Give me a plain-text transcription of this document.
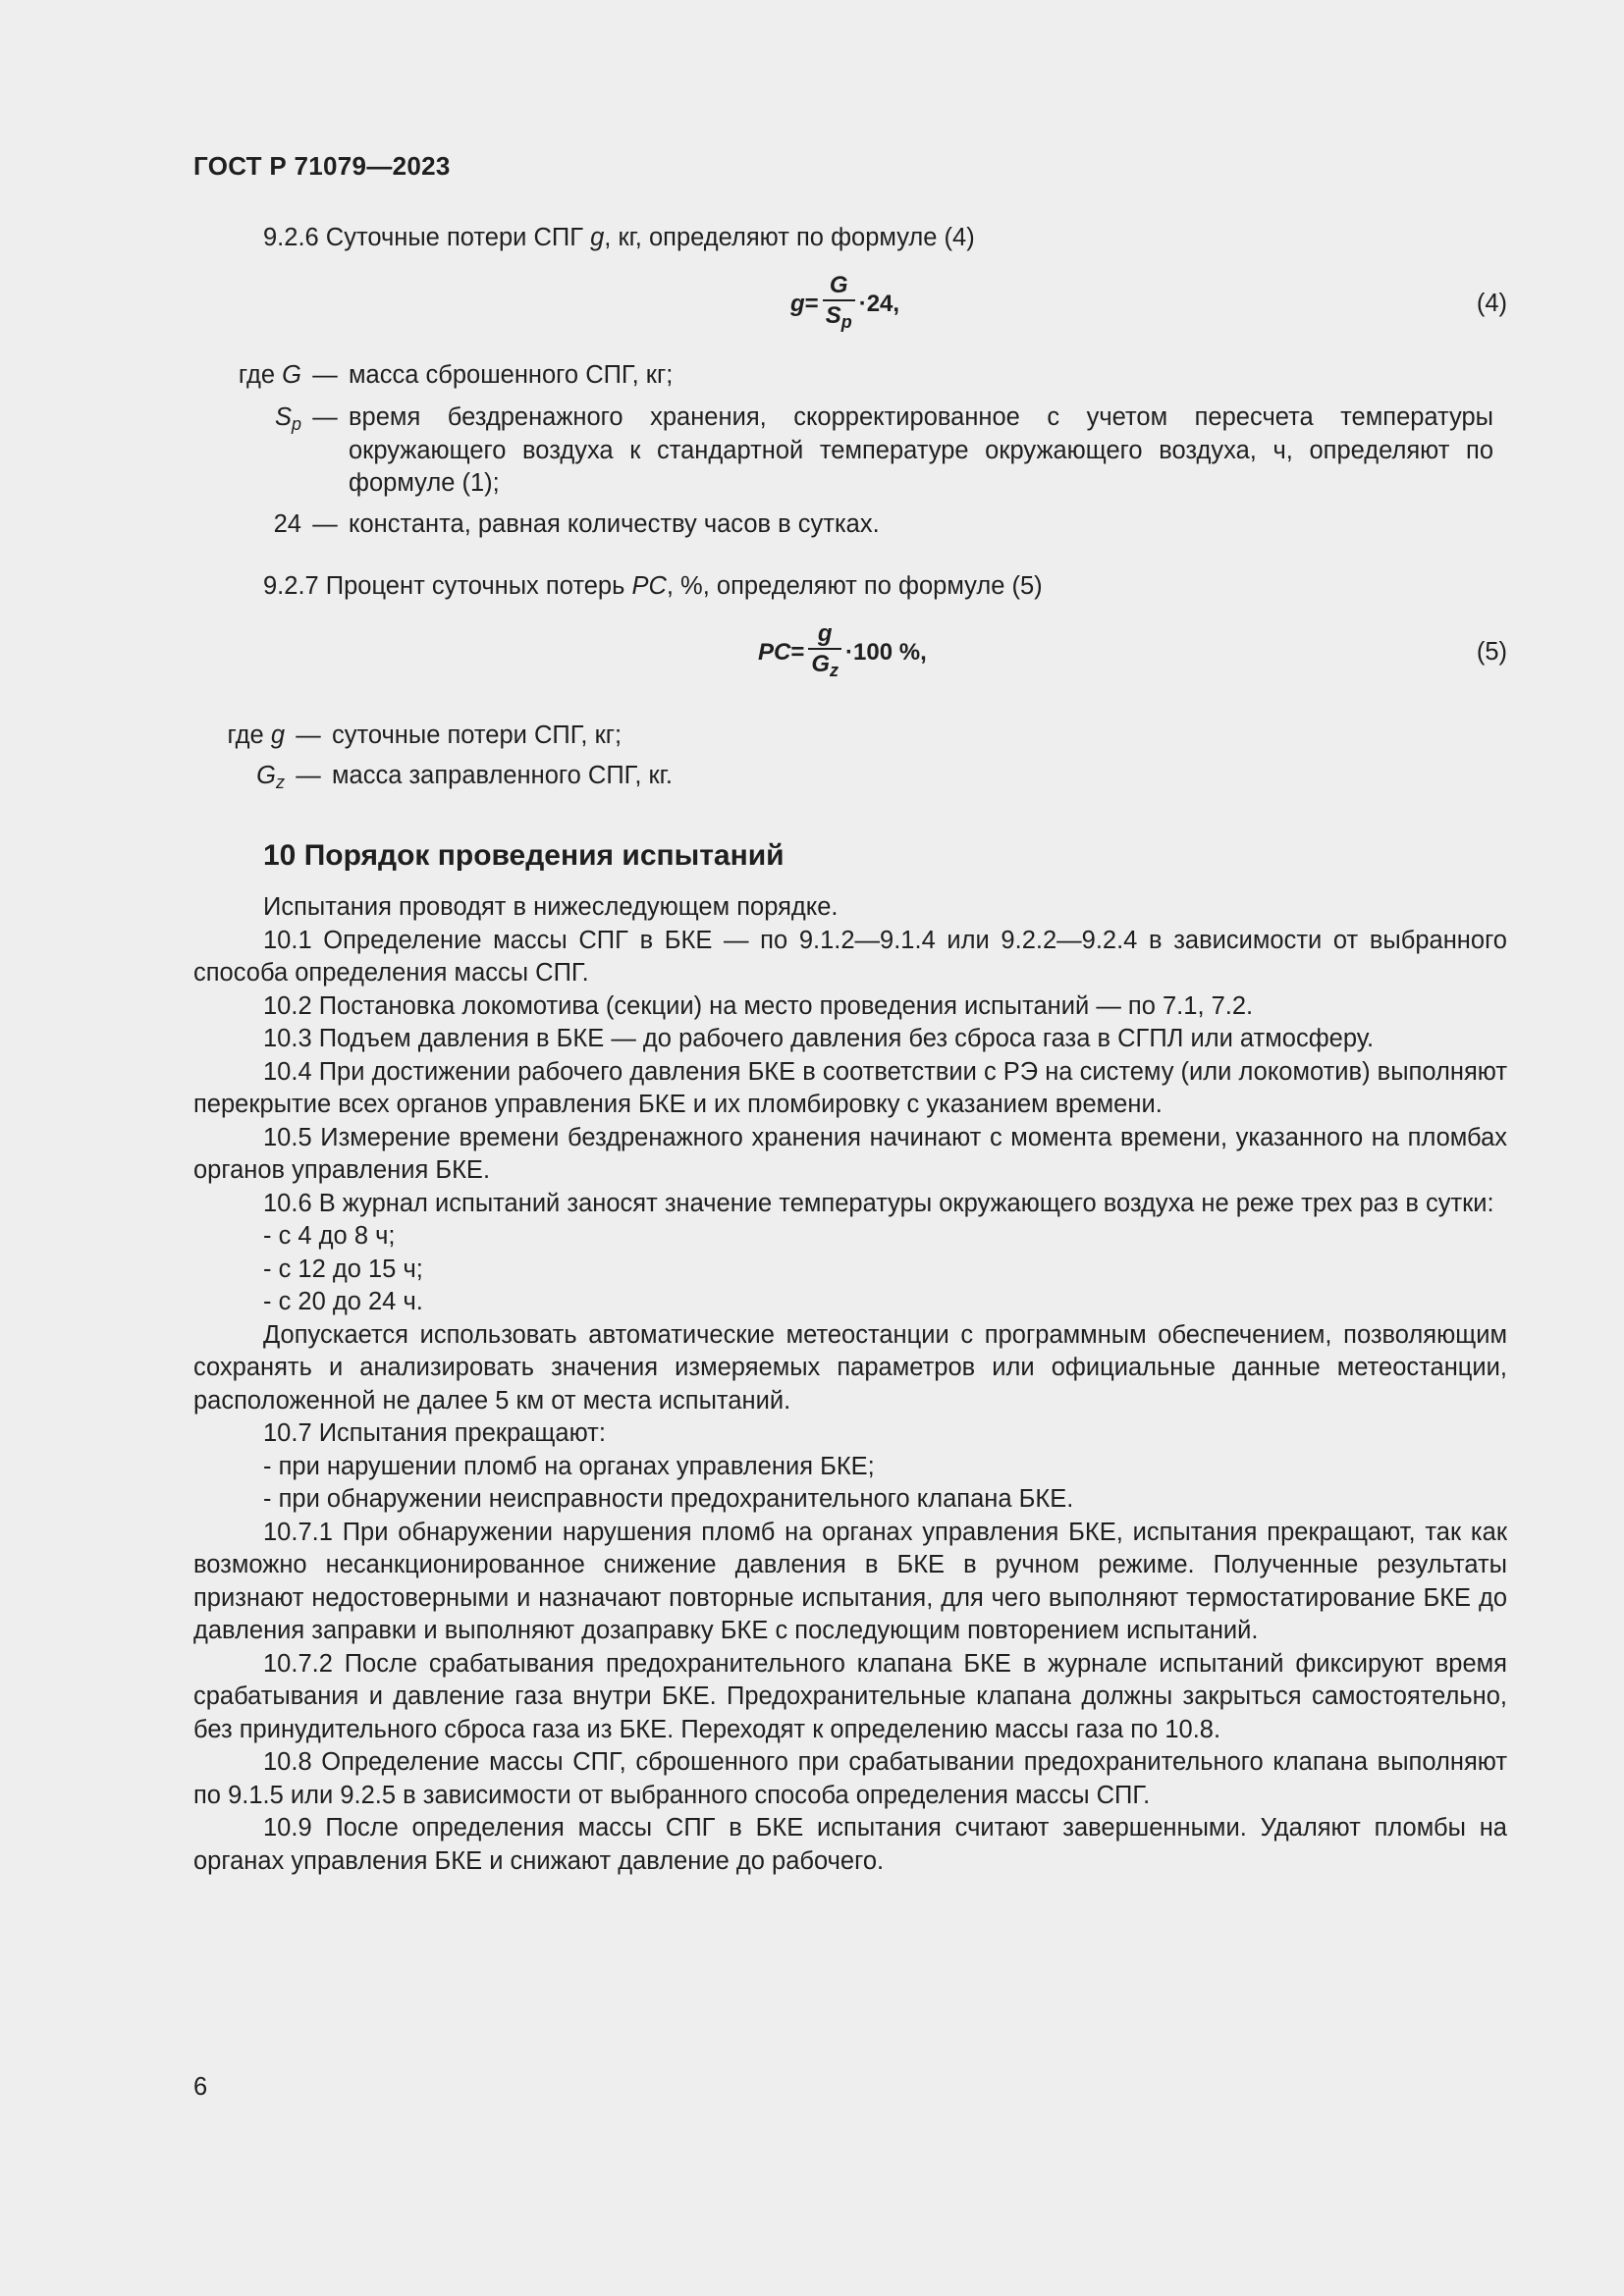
ГОСТ Р 71079—2023

9.2.6 Суточные потери СПГ g, кг, определяют по формуле (4)

$g = \frac{G}{S_p} \cdot 24$,	(4)
где G — масса сброшенного СПГ, кг;
$S_p$ — время бездренажного хранения, скорректированное с учетом пересчета температуры окружающего воздуха к стандартной температуре окружающего воздуха, ч, определяют по формуле (1);
24 — константа, равная количеству часов в сутках.

9.2.7 Процент суточных потерь PC, %, определяют по формуле (5)

PC = $\frac{g}{G_z} \cdot 100$ %,	(5)
где g — суточные потери СПГ, кг;
$G_z$ — масса заправленного СПГ, кг.
10 Порядок проведения испытаний

Испытания проводят в нижеследующем порядке.

10.1 Определение массы СПГ в БКЕ — по 9.1.2—9.1.4 или 9.2.2—9.2.4 в зависимости от выбранного способа определения массы СПГ.

10.2 Постановка локомотива (секции) на место проведения испытаний — по 7.1, 7.2.

10.3 Подъем давления в БКЕ — до рабочего давления без сброса газа в СГПЛ или атмосферу.

10.4 При достижении рабочего давления БКЕ в соответствии с РЭ на систему (или локомотив) выполняют перекрытие всех органов управления БКЕ и их пломбировку с указанием времени.

10.5 Измерение времени бездренажного хранения начинают с момента времени, указанного на пломбах органов управления БКЕ.

10.6 В журнал испытаний заносят значение температуры окружающего воздуха не реже трех раз в сутки:

- с 4 до 8 ч;

- с 12 до 15 ч;

- с 20 до 24 ч.

Допускается использовать автоматические метеостанции с программным обеспечением, позволяющим сохранять и анализировать значения измеряемых параметров или официальные данные метеостанции, расположенной не далее 5 км от места испытаний.

10.7 Испытания прекращают:

- при нарушении пломб на органах управления БКЕ;

- при обнаружении неисправности предохранительного клапана БКЕ.

10.7.1 При обнаружении нарушения пломб на органах управления БКЕ, испытания прекращают, так как возможно несанкционированное снижение давления в БКЕ в ручном режиме. Полученные результаты признают недостоверными и назначают повторные испытания, для чего выполняют термостатирование БКЕ до давления заправки и выполняют дозаправку БКЕ с последующим повторением испытаний.

10.7.2 После срабатывания предохранительного клапана БКЕ в журнале испытаний фиксируют время срабатывания и давление газа внутри БКЕ. Предохранительные клапана должны закрыться самостоятельно, без принудительного сброса газа из БКЕ. Переходят к определению массы газа по 10.8.

10.8 Определение массы СПГ, сброшенного при срабатывании предохранительного клапана выполняют по 9.1.5 или 9.2.5 в зависимости от выбранного способа определения массы СПГ.

10.9 После определения массы СПГ в БКЕ испытания считают завершенными. Удаляют пломбы на органах управления БКЕ и снижают давление до рабочего.

6
